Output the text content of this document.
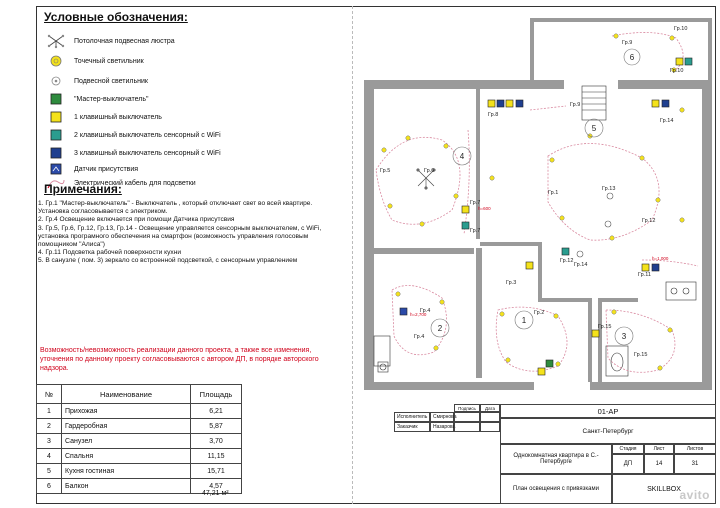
Условные обозначения:
Потолочная подвесная люстра
Точечный светильник
Подвесной светильник
"Мастер-выключатель"
1 клавишный выключатель
2 клавишный выключатель сенсорный с WiFi
3 клавишный выключатель сенсорный с WiFi
Датчик присутствия
Электрический кабель для подсветки
Примечания:
1. Гр.1 "Мастер-выключатель" - Выключатель , который отключает свет во всей квартире. Установка согласовывается с электриком.
2. Гр.4 Освещение включается при помощи Датчика присутсвия
3. Гр.5, Гр.6, Гр.12, Гр.13, Гр.14 - Освещение управляется сенсорным выключателем, с WiFi, установка програмного обеспечения на смартфон (возможность управления голосовым помощником "Алиса")
4. Гр.11 Подсветка рабочей поверхности кухни
5. В санузле ( пом. 3) зеркало со встроенной подсветкой, с сенсорным управлением
Возможность/невозможность реализации данного проекта, а также все изменения, уточнения по данному проекту согласовываются с автором ДП, в порядке авторского надзора.
№	Наименование	Площадь
1	Прихожая	6,21
2	Гардеробная	5,87
3	Санузел	3,70
4	Спальня	11,15
5	Кухня гостиная	15,71
6	Балкон	4,57
47,21 м²
6
5
4
2
1
3
Гр.1
Гр.2
Гр.3
Гр.4
Гр.4
Гр.5	Гр.6
Гр.7
Гр.7
Гр.8
Гр.9
Гр.9
Гр.10
Гр.10
Гр.11
Гр.12
Гр.12
Гр.13
Гр.14
Гр.14
Гр.15
Гр.15
h=2,700
h=600
h=1,000
01-АР
Подпись	Дата
Исполнитель	Смирнова
Заказчик	Назарова
Санкт-Петербург
Однокомнатная квартира в С.-Петербурге
Стадия	Лист	Листов
ДП	14	31
План освещения с привязками	SKILLBOX
avito
